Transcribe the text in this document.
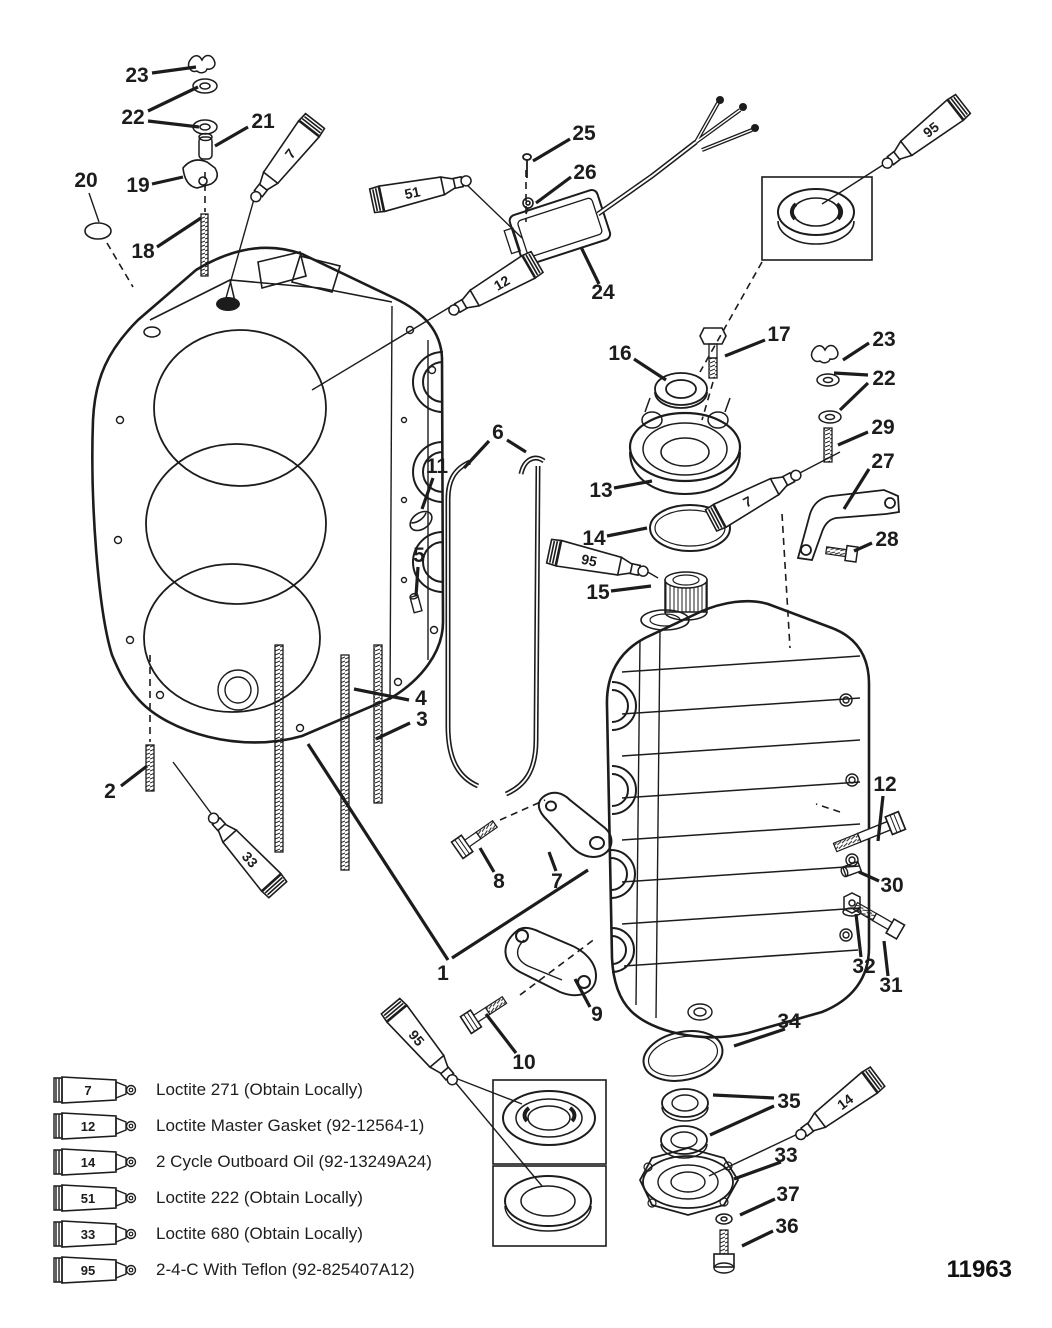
7
51
12
95
7
95
33
95
14
1
2
3
4
5
6
7
8
9
10
11
12
13
14
15
16
17
18
19
20
21
22
23
22
23
24
25
26
27
28
29
30
31
32
33
34
35
36
37
7	Loctite 271 (Obtain Locally)
12	Loctite Master Gasket (92-12564-1)
14	2 Cycle Outboard Oil (92-13249A24)
51	Loctite 222 (Obtain Locally)
33	Loctite 680 (Obtain Locally)
95	2-4-C With Teflon (92-825407A12)	11963
